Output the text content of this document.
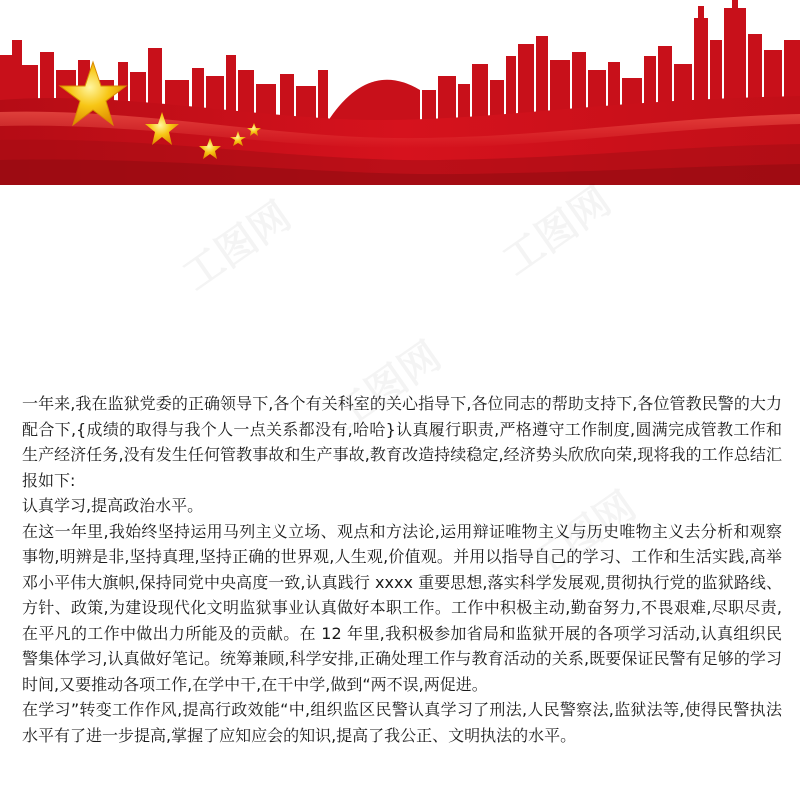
一年来,我在监狱党委的正确领导下,各个有关科室的关心指导下,各位同志的帮助支持下,各位管教民警的大力配合下,{成绩的取得与我个人一点关系都没有,哈哈}认真履行职责,严格遵守工作制度,圆满完成管教工作和生产经济任务,没有发生任何管教事故和生产事故,教育改造持续稳定,经济势头欣欣向荣,现将我的工作总结汇报如下:

认真学习,提高政治水平。

在这一年里,我始终坚持运用马列主义立场、观点和方法论,运用辩证唯物主义与历史唯物主义去分析和观察事物,明辨是非,坚持真理,坚持正确的世界观,人生观,价值观。并用以指导自己的学习、工作和生活实践,高举邓小平伟大旗帜,保持同党中央高度一致,认真践行 xxxx 重要思想,落实科学发展观,贯彻执行党的监狱路线、方针、政策,为建设现代化文明监狱事业认真做好本职工作。工作中积极主动,勤奋努力,不畏艰难,尽职尽责,在平凡的工作中做出力所能及的贡献。在 12 年里,我积极参加省局和监狱开展的各项学习活动,认真组织民警集体学习,认真做好笔记。统筹兼顾,科学安排,正确处理工作与教育活动的关系,既要保证民警有足够的学习时间,又要推动各项工作,在学中干,在干中学,做到“两不误,两促进。

在学习”转变工作作风,提高行政效能“中,组织监区民警认真学习了刑法,人民警察法,监狱法等,使得民警执法水平有了进一步提高,掌握了应知应会的知识,提高了我公正、文明执法的水平。
